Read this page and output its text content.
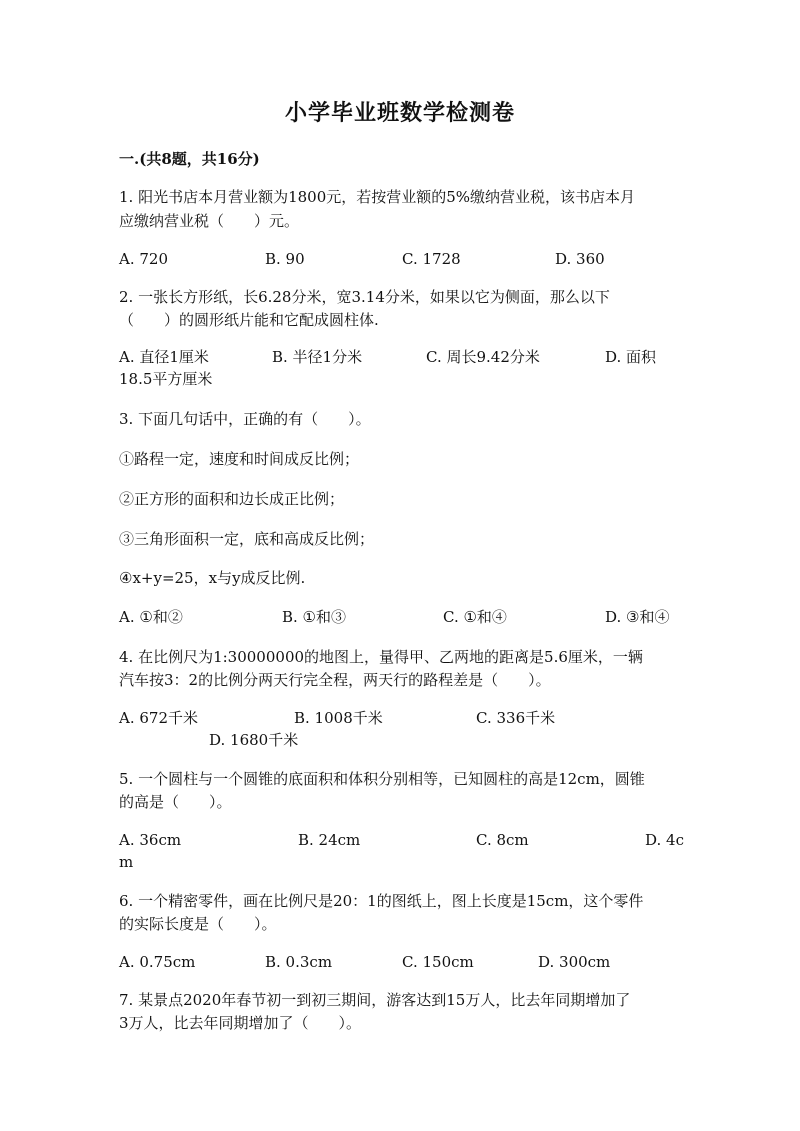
小学毕业班数学检测卷
一.(共8题，共16分)
1. 阳光书店本月营业额为1800元，若按营业额的5%缴纳营业税，该书店本月
应缴纳营业税（　　）元。
A. 720	B. 90	C. 1728	D. 360
2. 一张长方形纸，长6.28分米，宽3.14分米，如果以它为侧面，那么以下
（　　）的圆形纸片能和它配成圆柱体.
A. 直径1厘米	B. 半径1分米	C. 周长9.42分米	D. 面积
18.5平方厘米
3. 下面几句话中，正确的有（　　）。
①路程一定，速度和时间成反比例；
②正方形的面积和边长成正比例；
③三角形面积一定，底和高成反比例；
④x+y=25，x与y成反比例.
A. ①和②	B. ①和③	C. ①和④	D. ③和④
4. 在比例尺为1:30000000的地图上，量得甲、乙两地的距离是5.6厘米，一辆
汽车按3：2的比例分两天行完全程，两天行的路程差是（　　）。
A. 672千米	B. 1008千米	C. 336千米
D. 1680千米
5. 一个圆柱与一个圆锥的底面积和体积分别相等，已知圆柱的高是12cm，圆锥
的高是（　　）。
A. 36cm	B. 24cm	C. 8cm	D. 4c
m
6. 一个精密零件，画在比例尺是20：1的图纸上，图上长度是15cm，这个零件
的实际长度是（　　）。
A. 0.75cm	B. 0.3cm	C. 150cm	D. 300cm
7. 某景点2020年春节初一到初三期间，游客达到15万人，比去年同期增加了
3万人，比去年同期增加了（　　）。
